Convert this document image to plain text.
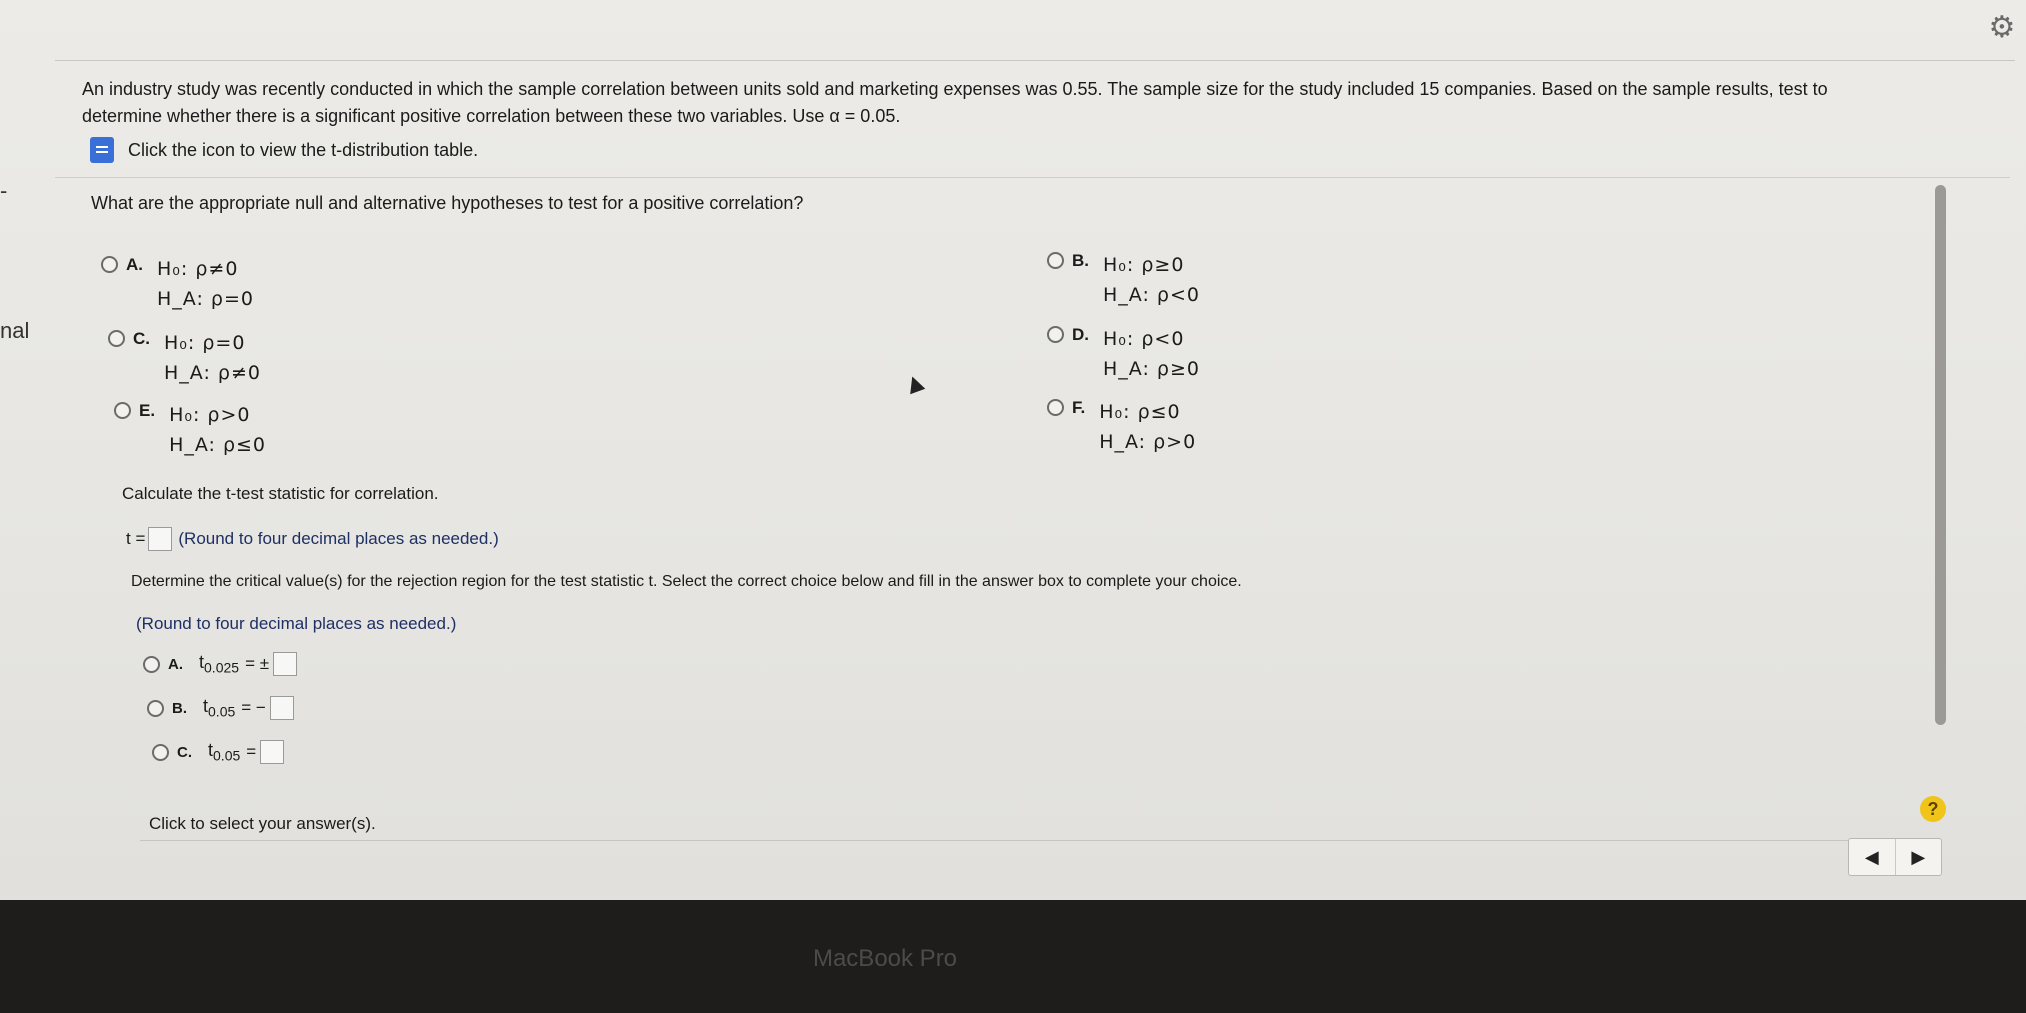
⚙
-
nal
An industry study was recently conducted in which the sample correlation between units sold and marketing expenses was 0.55. The sample size for the study included 15 companies. Based on the sample results, test to
determine whether there is a significant positive correlation between these two variables. Use α = 0.05.
Click the icon to view the t-distribution table.
What are the appropriate null and alternative hypotheses to test for a positive correlation?
A. H₀: ρ≠0
H_A: ρ=0
B. H₀: ρ≥0
H_A: ρ<0
C. H₀: ρ=0
H_A: ρ≠0
D. H₀: ρ<0
H_A: ρ≥0
E. H₀: ρ>0
H_A: ρ≤0
F. H₀: ρ≤0
H_A: ρ>0
Calculate the t-test statistic for correlation.
t = (Round to four decimal places as needed.)
Determine the critical value(s) for the rejection region for the test statistic t. Select the correct choice below and fill in the answer box to complete your choice.
(Round to four decimal places as needed.)
A. $t_{0.025}$ = ±
B. $t_{0.05}$ = −
C. $t_{0.05}$ =
Click to select your answer(s).
?
◀	▶
MacBook Pro
